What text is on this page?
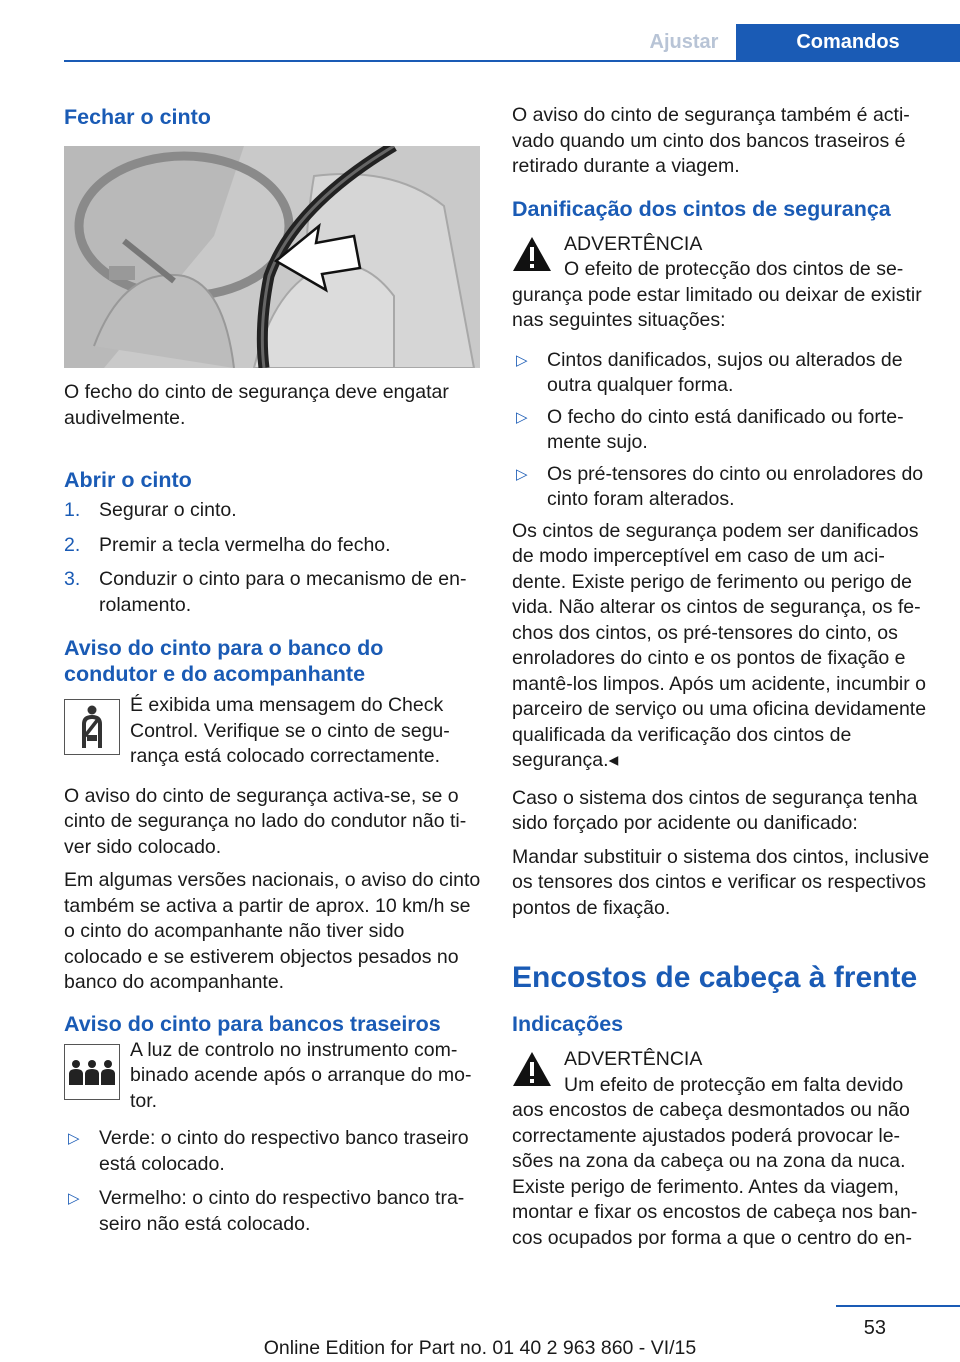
Ajustar	Comandos
Fechar o cinto

O fecho do cinto de segurança deve engatar audivelmente.

Abrir o cinto
1. Segurar o cinto.
2. Premir a tecla vermelha do fecho.
3. Conduzir o cinto para o mecanismo de enrolamento.
Aviso do cinto para o banco do condutor e do acompanhante

É exibida uma mensagem do Check Control. Verifique se o cinto de segurança está colocado correctamente.

O aviso do cinto de segurança activa-se, se o cinto de segurança no lado do condutor não tiver sido colocado.

Em algumas versões nacionais, o aviso do cinto também se activa a partir de aprox. 10 km/h se o cinto do acompanhante não tiver sido colocado e se estiverem objectos pesados no banco do acompanhante.

Aviso do cinto para bancos traseiros

A luz de controlo no instrumento combinado acende após o arranque do motor.

▷ Verde: o cinto do respectivo banco traseiro está colocado.
▷ Vermelho: o cinto do respectivo banco traseiro não está colocado.

O aviso do cinto de segurança também é activado quando um cinto dos bancos traseiros é retirado durante a viagem.

Danificação dos cintos de segurança

ADVERTÊNCIA

O efeito de protecção dos cintos de segurança pode estar limitado ou deixar de existir nas seguintes situações:

▷ Cintos danificados, sujos ou alterados de outra qualquer forma.
▷ O fecho do cinto está danificado ou fortemente sujo.
▷ Os pré-tensores do cinto ou enroladores do cinto foram alterados.

Os cintos de segurança podem ser danificados de modo imperceptível em caso de um acidente. Existe perigo de ferimento ou perigo de vida. Não alterar os cintos de segurança, os fechos dos cintos, os pré-tensores do cinto, os enroladores do cinto e os pontos de fixação e mantê-los limpos. Após um acidente, incumbir o parceiro de serviço ou uma oficina devidamente qualificada da verificação dos cintos de segurança.◂

Caso o sistema dos cintos de segurança tenha sido forçado por acidente ou danificado:

Mandar substituir o sistema dos cintos, inclusive os tensores dos cintos e verificar os respectivos pontos de fixação.

Encostos de cabeça à frente
Indicações

ADVERTÊNCIA

Um efeito de protecção em falta devido aos encostos de cabeça desmontados ou não correctamente ajustados poderá provocar lesões na zona da cabeça ou na zona da nuca. Existe perigo de ferimento. Antes da viagem, montar e fixar os encostos de cabeça nos bancos ocupados por forma a que o centro do en-

53
Online Edition for Part no. 01 40 2 963 860 - VI/15
